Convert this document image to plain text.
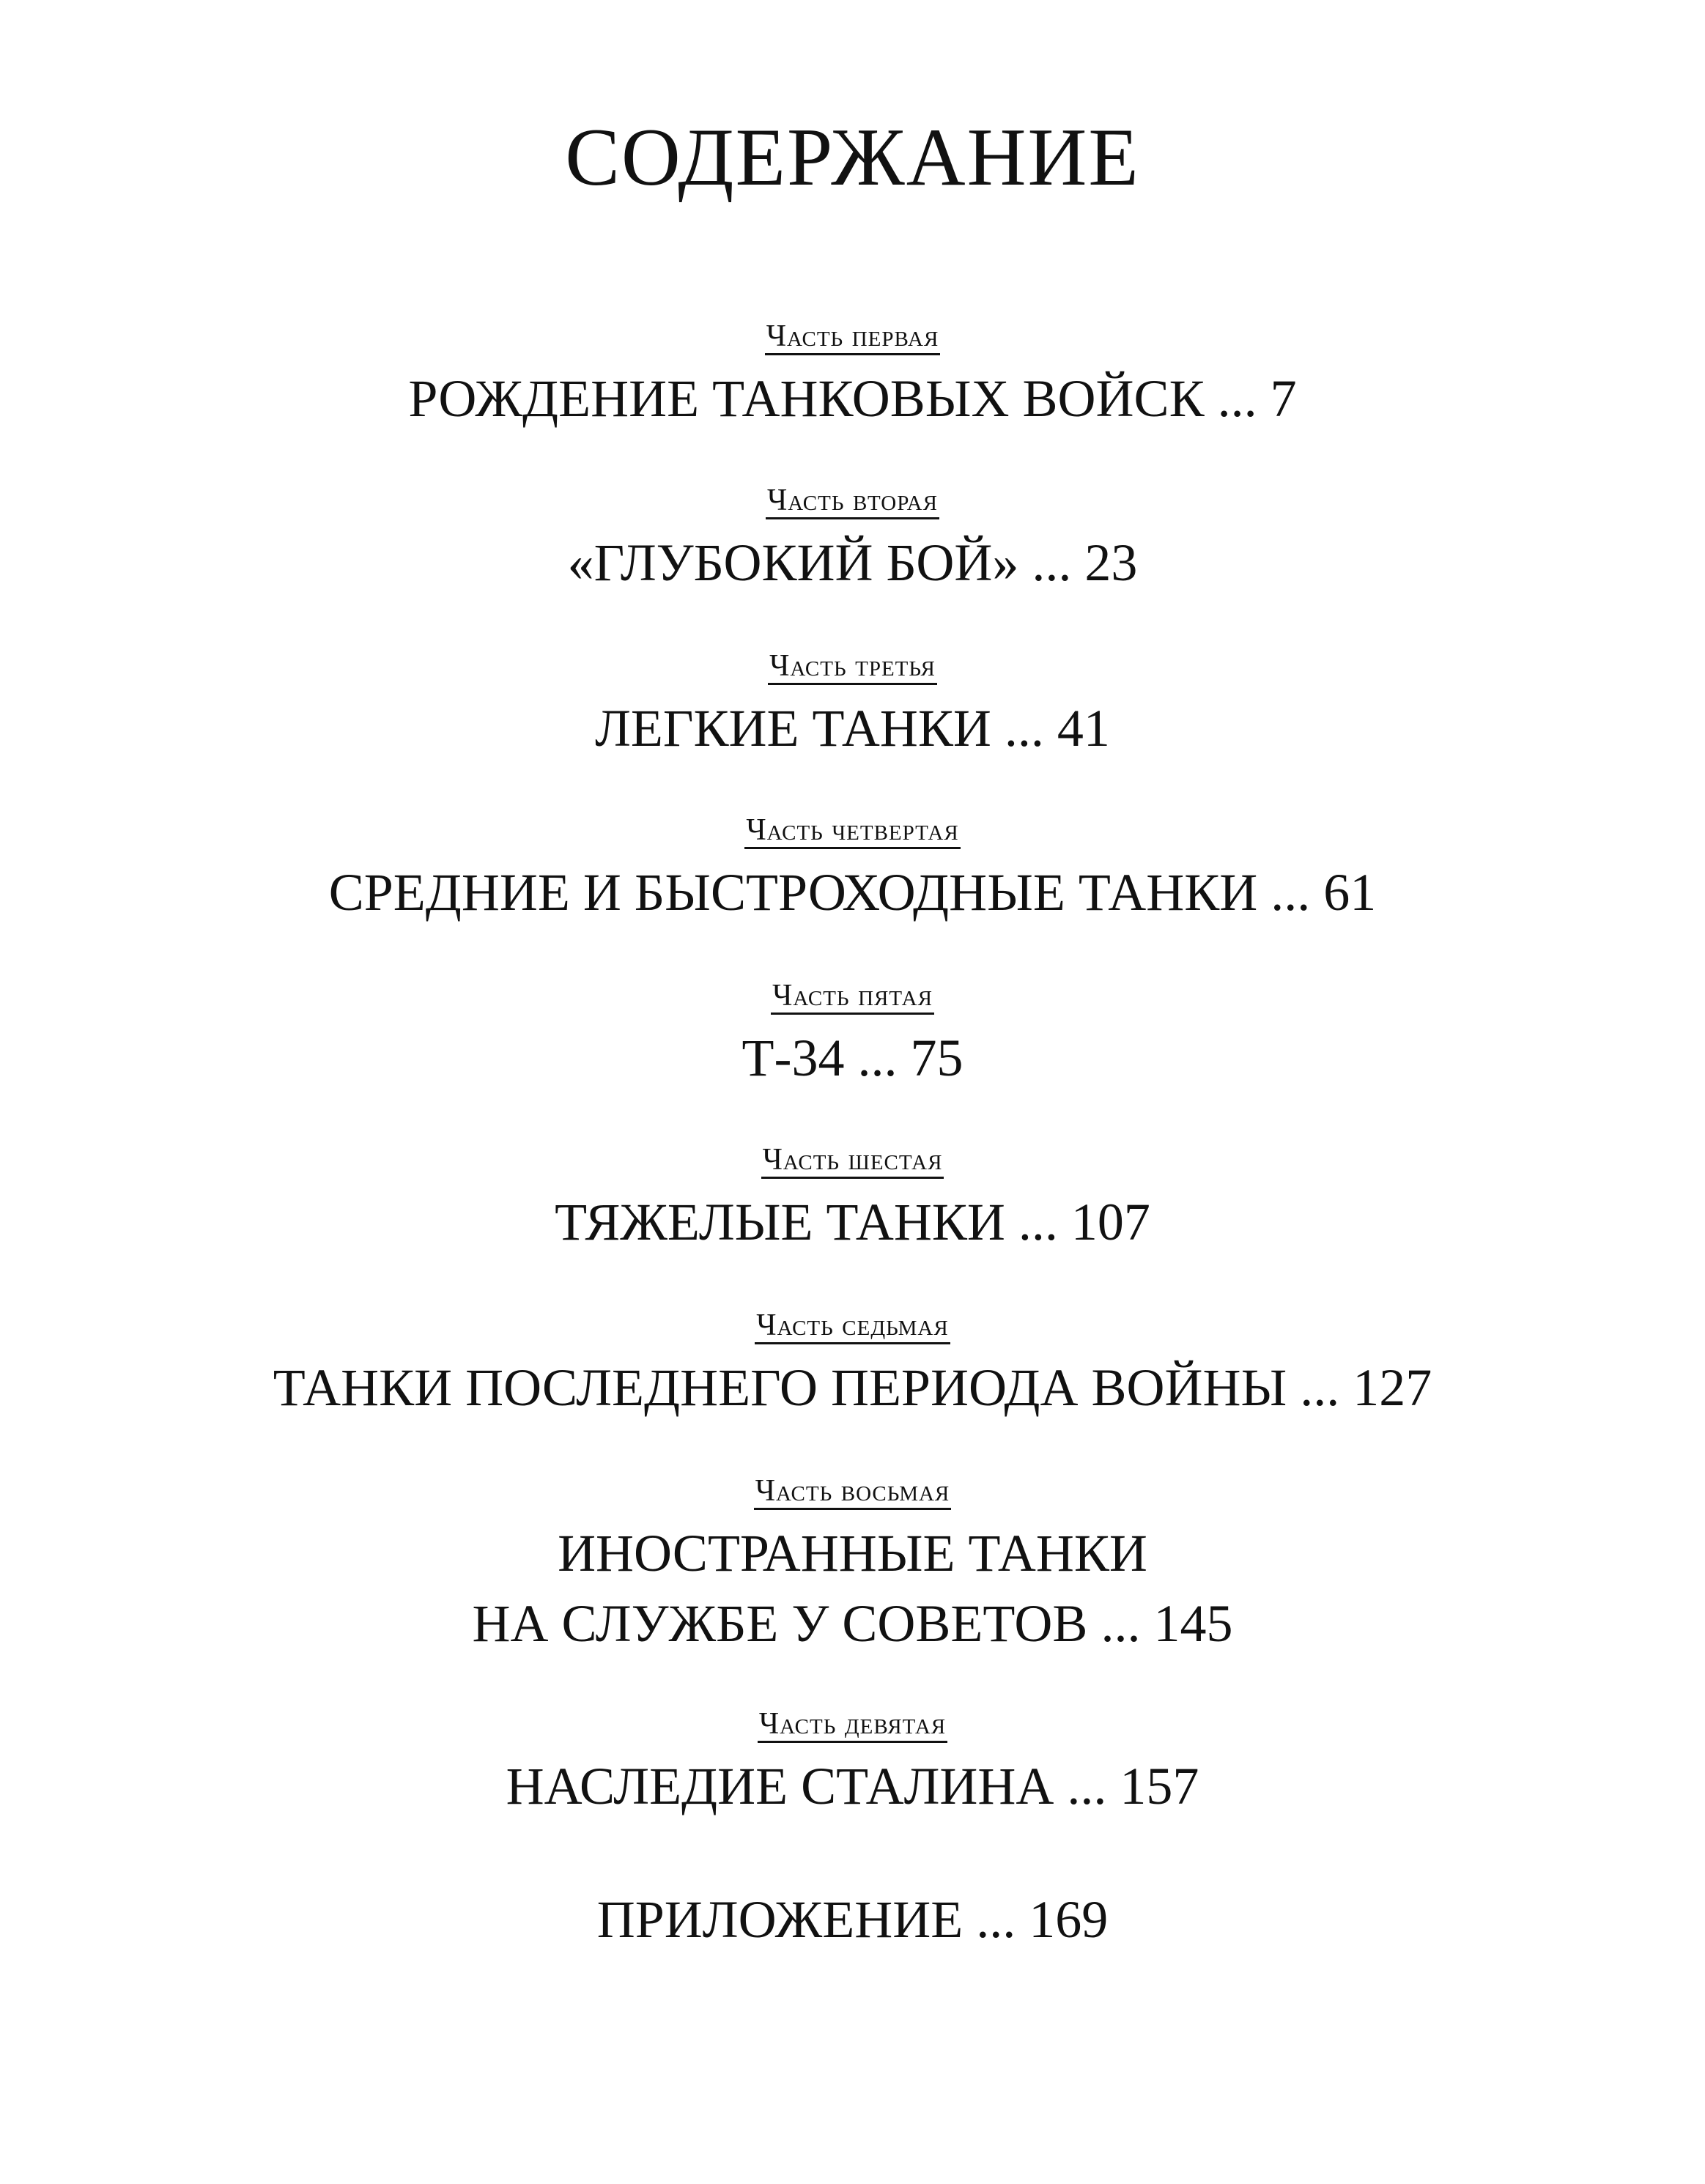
СОДЕРЖАНИЕ
Часть первая
РОЖДЕНИЕ ТАНКОВЫХ ВОЙСК ... 7
Часть вторая
«ГЛУБОКИЙ БОЙ» ... 23
Часть третья
ЛЕГКИЕ ТАНКИ ... 41
Часть четвертая
СРЕДНИЕ И БЫСТРОХОДНЫЕ ТАНКИ ... 61
Часть пятая
Т-34 ... 75
Часть шестая
ТЯЖЕЛЫЕ ТАНКИ ... 107
Часть седьмая
ТАНКИ ПОСЛЕДНЕГО ПЕРИОДА ВОЙНЫ ... 127
Часть восьмая
ИНОСТРАННЫЕ ТАНКИ
НА СЛУЖБЕ У СОВЕТОВ ... 145
Часть девятая
НАСЛЕДИЕ СТАЛИНА ... 157
ПРИЛОЖЕНИЕ ... 169
